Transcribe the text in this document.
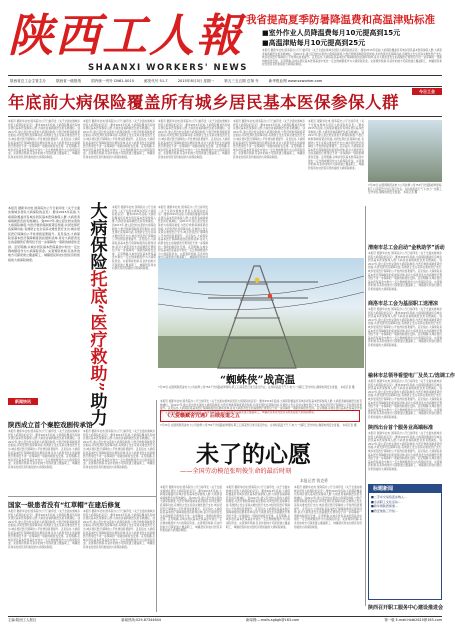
陕西工人報
SHAANXI WORKERS' NEWS
我省提高夏季防暑降温费和高温津贴标准
■室外作业人员降温费每月10元提高到15元
■高温津贴每月10元提高到25元
本报讯 据新华社电 国务院办公厅日前印发《关于全面实施城乡居民大病保险的意见》,要求2015年底前,大病保险覆盖所有城乡居民基本医保参保人群,大病患者看病就医负担有效减轻。到2017年,建立起比较完善的大病保险制度,与医疗救助等制度紧密衔接,共同发挥托底保障功能,有效防止发生家庭灾难性医疗支出,城乡居民医疗保障的公平性得到显著提升。意见指出,大病保险是基本医疗保障制度的拓展和延伸,是对大病患者发生的高额医疗费用给予进一步保障的一项新的制度性安排。意见明确,从城乡居民基本医保基金中划出一定比例或额度作为大病保险资金。完善筹资机制,有条件的地方可探索建立覆盖职工、城镇居民和农村居民有机衔接的大病保险制度。
陕西省总工会主管主办	陕西省一级报纸	国内统一刊号 CN61-0015	邮发代号 51-7	2015年8月3日 星期一	第五三五五期 总第 号	新华报业网 www.sxworker.com
年底前大病保险覆盖所有城乡居民基本医保参保人群
今日工会
本报讯 据新华社电 国务院办公厅日前印发《关于全面实施城乡居民大病保险的意见》,要求2015年底前,大病保险覆盖所有城乡居民基本医保参保人群,大病患者看病就医负担有效减轻。到2017年,建立起比较完善的大病保险制度,与医疗救助等制度紧密衔接,共同发挥托底保障功能,有效防止发生家庭灾难性医疗支出,城乡居民医疗保障的公平性得到显著提升。意见指出,大病保险是基本医疗保障制度的拓展和延伸,是对大病患者发生的高额医疗费用给予进一步保障的一项新的制度性安排。意见明确,从城乡居民基本医保基金中划出一定比例或额度作为大病保险资金。完善筹资机制,有条件的地方可探索建立覆盖职工、城镇居民和农村居民有机衔接的大病保险制度。
本报讯 据新华社电 国务院办公厅日前印发《关于全面实施城乡居民大病保险的意见》,要求2015年底前,大病保险覆盖所有城乡居民基本医保参保人群,大病患者看病就医负担有效减轻。到2017年,建立起比较完善的大病保险制度,与医疗救助等制度紧密衔接,共同发挥托底保障功能,有效防止发生家庭灾难性医疗支出,城乡居民医疗保障的公平性得到显著提升。意见指出,大病保险是基本医疗保障制度的拓展和延伸,是对大病患者发生的高额医疗费用给予进一步保障的一项新的制度性安排。意见明确,从城乡居民基本医保基金中划出一定比例或额度作为大病保险资金。完善筹资机制,有条件的地方可探索建立覆盖职工、城镇居民和农村居民有机衔接的大病保险制度。
本报讯 据新华社电 国务院办公厅日前印发《关于全面实施城乡居民大病保险的意见》,要求2015年底前,大病保险覆盖所有城乡居民基本医保参保人群,大病患者看病就医负担有效减轻。到2017年,建立起比较完善的大病保险制度,与医疗救助等制度紧密衔接,共同发挥托底保障功能,有效防止发生家庭灾难性医疗支出,城乡居民医疗保障的公平性得到显著提升。意见指出,大病保险是基本医疗保障制度的拓展和延伸,是对大病患者发生的高额医疗费用给予进一步保障的一项新的制度性安排。意见明确,从城乡居民基本医保基金中划出一定比例或额度作为大病保险资金。完善筹资机制,有条件的地方可探索建立覆盖职工、城镇居民和农村居民有机衔接的大病保险制度。
本报讯 据新华社电 国务院办公厅日前印发《关于全面实施城乡居民大病保险的意见》,要求2015年底前,大病保险覆盖所有城乡居民基本医保参保人群,大病患者看病就医负担有效减轻。到2017年,建立起比较完善的大病保险制度,与医疗救助等制度紧密衔接,共同发挥托底保障功能,有效防止发生家庭灾难性医疗支出,城乡居民医疗保障的公平性得到显著提升。意见指出,大病保险是基本医疗保障制度的拓展和延伸,是对大病患者发生的高额医疗费用给予进一步保障的一项新的制度性安排。意见明确,从城乡居民基本医保基金中划出一定比例或额度作为大病保险资金。完善筹资机制,有条件的地方可探索建立覆盖职工、城镇居民和农村居民有机衔接的大病保险制度。
本报讯 据新华社电 国务院办公厅日前印发《关于全面实施城乡居民大病保险的意见》,要求2015年底前,大病保险覆盖所有城乡居民基本医保参保人群,大病患者看病就医负担有效减轻。到2017年,建立起比较完善的大病保险制度,与医疗救助等制度紧密衔接,共同发挥托底保障功能,有效防止发生家庭灾难性医疗支出,城乡居民医疗保障的公平性得到显著提升。意见指出,大病保险是基本医疗保障制度的拓展和延伸,是对大病患者发生的高额医疗费用给予进一步保障的一项新的制度性安排。意见明确,从城乡居民基本医保基金中划出一定比例或额度作为大病保险资金。完善筹资机制,有条件的地方可探索建立覆盖职工、城镇居民和农村居民有机衔接的大病保险制度。
7月30日,在国网陕西省电力公司检修公司750千伏线路检修现场,职工们顶着烈日进行高空作业。在持续高温天气下,电力一线职工坚守岗位,确保电网安全度夏。 本报记者 摄
本报讯 据新华社电 国务院办公厅日前印发《关于全面实施城乡居民大病保险的意见》,要求2015年底前,大病保险覆盖所有城乡居民基本医保参保人群,大病患者看病就医负担有效减轻。到2017年,建立起比较完善的大病保险制度,与医疗救助等制度紧密衔接,共同发挥托底保障功能,有效防止发生家庭灾难性医疗支出,城乡居民医疗保障的公平性得到显著提升。意见指出,大病保险是基本医疗保障制度的拓展和延伸,是对大病患者发生的高额医疗费用给予进一步保障的一项新的制度性安排。意见明确,从城乡居民基本医保基金中划出一定比例或额度作为大病保险资金。完善筹资机制,有条件的地方可探索建立覆盖职工、城镇居民和农村居民有机衔接的大病保险制度。	大病保险
托底
“医疗救助”
助力
本报讯 据新华社电 国务院办公厅日前印发《关于全面实施城乡居民大病保险的意见》,要求2015年底前,大病保险覆盖所有城乡居民基本医保参保人群,大病患者看病就医负担有效减轻。到2017年,建立起比较完善的大病保险制度,与医疗救助等制度紧密衔接,共同发挥托底保障功能,有效防止发生家庭灾难性医疗支出,城乡居民医疗保障的公平性得到显著提升。意见指出,大病保险是基本医疗保障制度的拓展和延伸,是对大病患者发生的高额医疗费用给予进一步保障的一项新的制度性安排。意见明确,从城乡居民基本医保基金中划出一定比例或额度作为大病保险资金。完善筹资机制,有条件的地方可探索建立覆盖职工、城镇居民和农村居民有机衔接的大病保险制度。
本报讯 据新华社电 国务院办公厅日前印发《关于全面实施城乡居民大病保险的意见》,要求2015年底前,大病保险覆盖所有城乡居民基本医保参保人群,大病患者看病就医负担有效减轻。到2017年,建立起比较完善的大病保险制度,与医疗救助等制度紧密衔接,共同发挥托底保障功能,有效防止发生家庭灾难性医疗支出,城乡居民医疗保障的公平性得到显著提升。意见指出,大病保险是基本医疗保障制度的拓展和延伸,是对大病患者发生的高额医疗费用给予进一步保障的一项新的制度性安排。意见明确,从城乡居民基本医保基金中划出一定比例或额度作为大病保险资金。完善筹资机制,有条件的
“蜘蛛侠”战高温
7月30日,在国网陕西省电力公司检修公司750千伏线路检修现场,职工们顶着烈日进行高空作业。在持续高温天气下,电力一线职工坚守岗位,确保电网安全度夏。 本报记者 摄
渭南市总工会启动“金秋助学”活动
本报讯 据新华社电 国务院办公厅日前印发《关于全面实施城乡居民大病保险的意见》,要求2015年底前,大病保险覆盖所有城乡居民基本医保参保人群,大病患者看病就医负担有效减轻。到2017年,建立起比较完善的大病保险制度,与医疗救助等制度紧密衔接,共同发挥托底保障功能,有效防止发生家庭灾难性医疗支出,城乡居民医疗保障的公平性得到显著提升。意见指出,大病保险是基本医疗保障制度的拓展和延伸,是对大病患者发生的高额医疗费用给予进一步保障的一项新的制度性安排。意见明确,从城乡居民基本医保基金中划出一定比例或额度作为大病保险资金。完善筹资机制,有条件的地方可探索建立覆盖职工、城镇居民和农村居民有机衔接的大病保险制度。
商洛市总工会为基层职工送清凉
本报讯 据新华社电 国务院办公厅日前印发《关于全面实施城乡居民大病保险的意见》,要求2015年底前,大病保险覆盖所有城乡居民基本医保参保人群,大病患者看病就医负担有效减轻。到2017年,建立起比较完善的大病保险制度,与医疗救助等制度紧密衔接,共同发挥托底保障功能,有效防止发生家庭灾难性医疗支出,城乡居民医疗保障的公平性得到显著提升。意见指出,大病保险是基本医疗保障制度的拓展和延伸,是对大病患者发生的高额医疗费用给予进一步保障的一项新的制度性安排。意见明确,从城乡居民基本医保基金中划出一定比例或额度作为大病保险资金。完善筹资机制,有条件的地方可探索建立覆盖职工、城镇居民和农村居民有机衔接的大病保险制度。
榆林市总领导看望电厂及员工/选调工作
本报讯 据新华社电 国务院办公厅日前印发《关于全面实施城乡居民大病保险的意见》,要求2015年底前,大病保险覆盖所有城乡居民基本医保参保人群,大病患者看病就医负担有效减轻。到2017年,建立起比较完善的大病保险制度,与医疗救助等制度紧密衔接,共同发挥托底保障功能,有效防止发生家庭灾难性医疗支出,城乡居民医疗保障的公平性得到显著提升。意见指出,大病保险是基本医疗保障制度的拓展和延伸,是对大病患者发生的高额医疗费用给予进一步保障的一项新的制度性安排。意见明确,从城乡居民基本医保基金中划出一定比例或额度作为大病保险资金。完善筹资机制,有条件的地方可探索建立覆盖职工、城镇居民和农村居民有机衔接的大病保险制度。
陕西出台首个服务业高端标准
本报讯 据新华社电 国务院办公厅日前印发《关于全面实施城乡居民大病保险的意见》,要求2015年底前,大病保险覆盖所有城乡居民基本医保参保人群,大病患者看病就医负担有效减轻。到2017年,建立起比较完善的大病保险制度,与医疗救助等制度紧密衔接,共同发挥托底保障功能,有效防止发生家庭灾难性医疗支出,城乡居民医疗保障的公平性得到显著提升。意见指出,大病保险是基本医疗保障制度的拓展和延伸,是对大病患者发生的高额医疗费用给予进一步保障的一项新的制度性安排。意见明确,从城乡居民基本医保基金中划出一定比例或额度作为大病保险资金。完善筹资机制,有条件的地方可探索建立覆盖职工、城镇居民和农村居民有机衔接的大病保险制度。
陕西召开职工服务中心建设推进会
标题新闻
■二手车交易将逐步纳入...
■全省职工文化活动...
■新华网陕西频道...
■西安地铁三号线...
新闻快讯
陕西成立首个秦腔戏剧传承馆
本报讯 据新华社电 国务院办公厅日前印发《关于全面实施城乡居民大病保险的意见》,要求2015年底前,大病保险覆盖所有城乡居民基本医保参保人群,大病患者看病就医负担有效减轻。到2017年,建立起比较完善的大病保险制度,与医疗救助等制度紧密衔接,共同发挥托底保障功能,有效防止发生家庭灾难性医疗支出,城乡居民医疗保障的公平性得到显著提升。意见指出,大病保险是基本医疗保障制度的拓展和延伸,是对大病患者发生的高额医疗费用给予进一步保障的一项新的制度性安排。意见明确,从城乡居民基本医保基金中划出一定比例或额度作为大病保险资金。完善筹资机制,有条件的地方可探索建立覆盖职工、城镇居民和农村居民有机衔接的大病保险制度。
本报讯 据新华社电 国务院办公厅日前印发《关于全面实施城乡居民大病保险的意见》,要求2015年底前,大病保险覆盖所有城乡居民基本医保参保人群,大病患者看病就医负担有效减轻。到2017年,建立起比较完善的大病保险制度,与医疗救助等制度紧密衔接,共同发挥托底保障功能,有效防止发生家庭灾难性医疗支出,城乡居民医疗保障的公平性得到显著提升。意见指出,大病保险是基本医疗保障制度的拓展和延伸,是对大病患者发生的高额医疗费用给予进一步保障的一项新的制度性安排。意见明确,从城乡居民基本医保基金中划出一定比例或额度作为大病保险资金。完善筹资机制,有条件的地方可探索建立覆盖职工、城镇居民和农村居民有机衔接的大病保险制度。
国家一级患者没有“红草帽”在建后修复
本报讯 据新华社电 国务院办公厅日前印发《关于全面实施城乡居民大病保险的意见》,要求2015年底前,大病保险覆盖所有城乡居民基本医保参保人群,大病患者看病就医负担有效减轻。到2017年,建立起比较完善的大病保险制度,与医疗救助等制度紧密衔接,共同发挥托底保障功能,有效防止发生家庭灾难性医疗支出,城乡居民医疗保障的公平性得到显著提升。意见指出,大病保险是基本医疗保障制度的拓展和延伸,是对大病患者发生的高额医疗费用给予进一步保障的一项新的制度性安排。意见明确,从城乡居民基本医保基金中划出一定比例或额度作为大病保险资金。完善筹资机制,有条件的地方可探索建立覆盖职工、城镇居民和农村居民有机衔接的大病保险制度。
本报讯 据新华社电 国务院办公厅日前印发《关于全面实施城乡居民大病保险的意见》,要求2015年底前,大病保险覆盖所有城乡居民基本医保参保人群,大病患者看病就医负担有效减轻。到2017年,建立起比较完善的大病保险制度,与医疗救助等制度紧密衔接,共同发挥托底保障功能,有效防止发生家庭灾难性医疗支出,城乡居民医疗保障的公平性得到显著提升。意见指出,大病保险是基本医疗保障制度的拓展和延伸,是对大病患者发生的高额医疗费用给予进一步保障的一项新的制度性安排。意见明确,从城乡居民基本医保基金中划出一定比例或额度作为大病保险资金。完善筹资机制,有条件的地方可探索建立覆盖职工、城镇居民和农村居民有机衔接的大病保险制度。
本报讯 据新华社电 国务院办公厅日前印发《关于全面实施城乡居民大病保险的意见》,要求2015年底前,大病保险覆盖所有城乡居民基本医保参保人群,大病患者看病就医负担有效减轻。到2017年,建立起比较完善的大病保险制度,与医疗救助等制度紧密衔接,共同发挥托底保障功能,有效防止发生家庭灾难性医疗支出,城乡居民医疗保障的公平性得到显著提升。意见指出,大病保险是基本医疗保障制度的拓展和延伸,是对大病患者发生的高额医疗费用给予进一步保障的一项新的制度性安排。意见明确,从城乡居民基本医保基金中划出一定比例或额度作为大病保险资金。完善筹资机制,有条件的地方可探索建立覆盖职工、城镇居民和农村居民有机衔接的大病保险制度。
《大爱赣藏舍咒遇》后续报道之五
7月30日,在国网陕西省电力公司检修公司750千伏线路检修现场,职工们顶着烈日进行高空作业。在持续高温天气下,电力一线职工坚守岗位,确保电网安全度夏。 本报记者 摄
未了的心愿
——全国劳动模范张明俊生命的最后时刻
本报记者 钱克勇
本报讯 据新华社电 国务院办公厅日前印发《关于全面实施城乡居民大病保险的意见》,要求2015年底前,大病保险覆盖所有城乡居民基本医保参保人群,大病患者看病就医负担有效减轻。到2017年,建立起比较完善的大病保险制度,与医疗救助等制度紧密衔接,共同发挥托底保障功能,有效防止发生家庭灾难性医疗支出,城乡居民医疗保障的公平性得到显著提升。意见指出,大病保险是基本医疗保障制度的拓展和延伸,是对大病患者发生的高额医疗费用给予进一步保障的一项新的制度性安排。意见明确,从城乡居民基本医保基金中划出一定比例或额度作为大病保险资金。完善筹资机制,有条件的地方可探索建立覆盖职工、城镇居民和农村居民有机衔接的大病保险制度。
本报讯 据新华社电 国务院办公厅日前印发《关于全面实施城乡居民大病保险的意见》,要求2015年底前,大病保险覆盖所有城乡居民基本医保参保人群,大病患者看病就医负担有效减轻。到2017年,建立起比较完善的大病保险制度,与医疗救助等制度紧密衔接,共同发挥托底保障功能,有效防止发生家庭灾难性医疗支出,城乡居民医疗保障的公平性得到显著提升。意见指出,大病保险是基本医疗保障制度的拓展和延伸,是对大病患者发生的高额医疗费用给予进一步保障的一项新的制度性安排。意见明确,从城乡居民基本医保基金中划出一定比例或额度作为大病保险资金。完善筹资机制,有条件的地方可探索建立覆盖职工、城镇居民和农村居民有机衔接的大病保险制度。
本报讯 据新华社电 国务院办公厅日前印发《关于全面实施城乡居民大病保险的意见》,要求2015年底前,大病保险覆盖所有城乡居民基本医保参保人群,大病患者看病就医负担有效减轻。到2017年,建立起比较完善的大病保险制度,与医疗救助等制度紧密衔接,共同发挥托底保障功能,有效防止发生家庭灾难性医疗支出,城乡居民医疗保障的公平性得到显著提升。意见指出,大病保险是基本医疗保障制度的拓展和延伸,是对大病患者发生的高额医疗费用给予进一步保障的一项新的制度性安排。意见明确,从城乡居民基本医保基金中划出一定比例或额度作为大病保险资金。完善筹资机制,有条件的地方可探索建立覆盖职工、城镇居民和农村居民有机衔接的大病保险制度。
主编:陕西工人报社	新闻热线:029-87344644	新闻网:—mails.sgbgh@163.com	第一版 E-mail:hbtb2615@163.com
